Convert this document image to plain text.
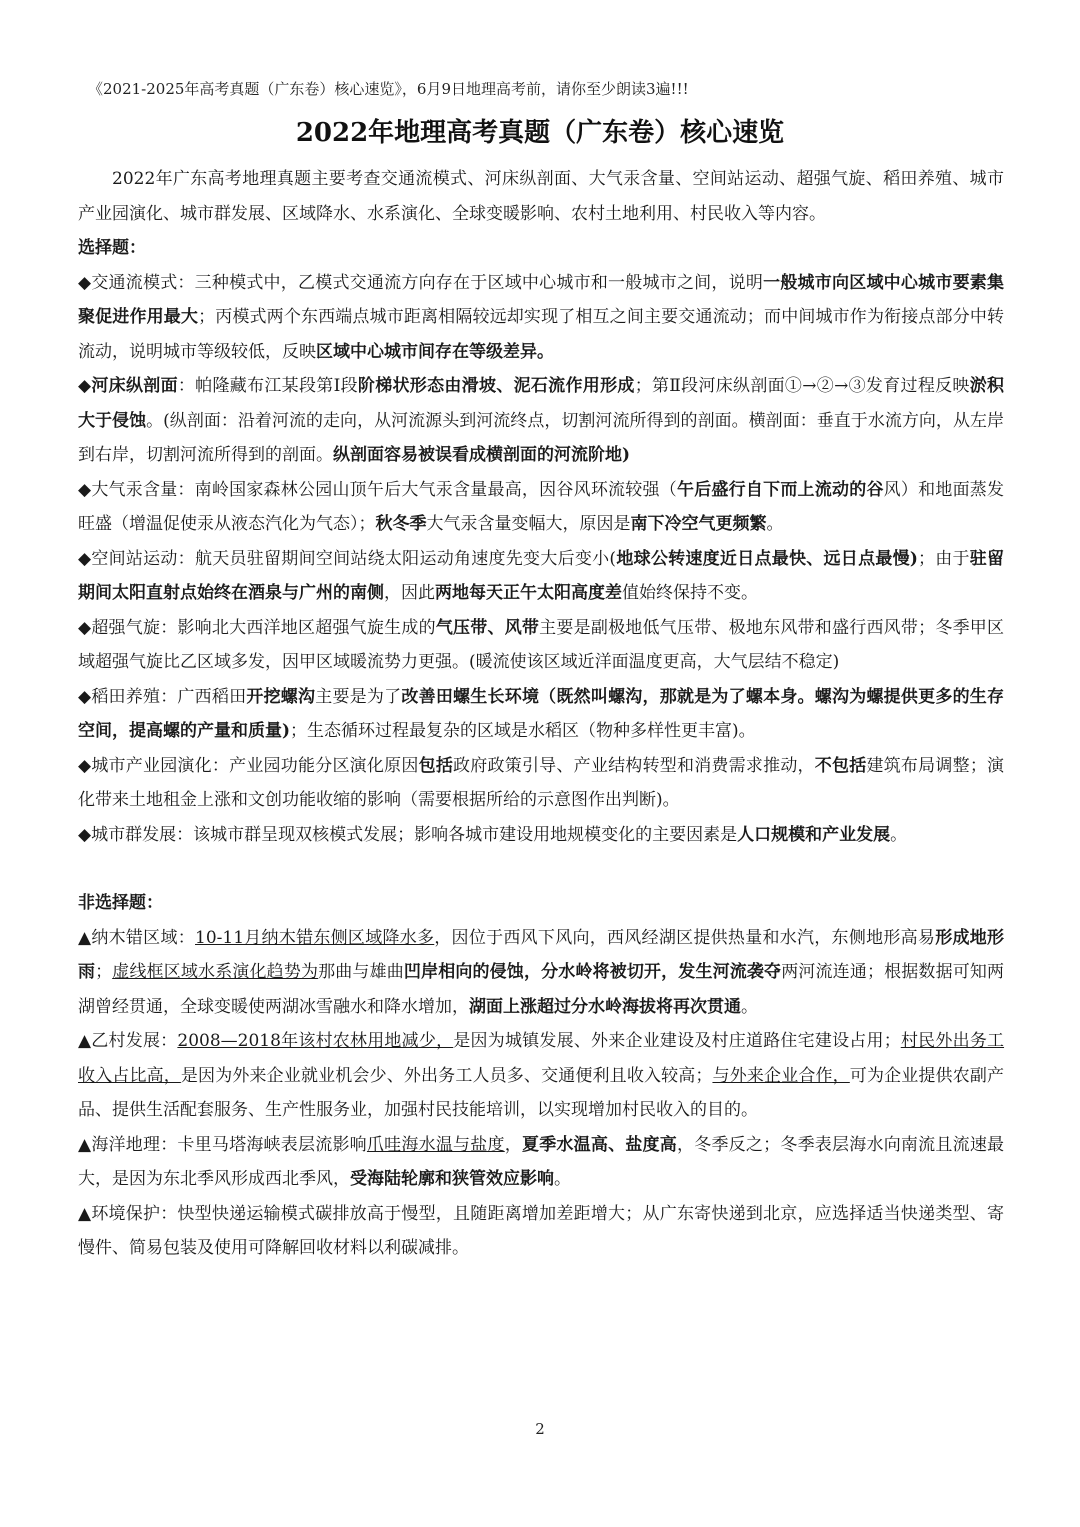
《2021-2025年高考真题（广东卷）核心速览》，6月9日地理高考前，请你至少朗读3遍!!!
2022年地理高考真题（广东卷）核心速览

2022年广东高考地理真题主要考查交通流模式、河床纵剖面、大气汞含量、空间站运动、超强气旋、稻田养殖、城市产业园演化、城市群发展、区域降水、水系演化、全球变暖影响、农村土地利用、村民收入等内容。

选择题：

◆交通流模式：三种模式中，乙模式交通流方向存在于区域中心城市和一般城市之间，说明一般城市向区域中心城市要素集聚促进作用最大；丙模式两个东西端点城市距离相隔较远却实现了相互之间主要交通流动；而中间城市作为衔接点部分中转流动，说明城市等级较低，反映区域中心城市间存在等级差异。

◆河床纵剖面：帕隆藏布江某段第Ⅰ段阶梯状形态由滑坡、泥石流作用形成；第Ⅱ段河床纵剖面①→②→③发育过程反映淤积大于侵蚀。(纵剖面：沿着河流的走向，从河流源头到河流终点，切割河流所得到的剖面。横剖面：垂直于水流方向，从左岸到右岸，切割河流所得到的剖面。纵剖面容易被误看成横剖面的河流阶地)

◆大气汞含量：南岭国家森林公园山顶午后大气汞含量最高，因谷风环流较强（午后盛行自下而上流动的谷风）和地面蒸发旺盛（增温促使汞从液态汽化为气态）；秋冬季大气汞含量变幅大，原因是南下冷空气更频繁。

◆空间站运动：航天员驻留期间空间站绕太阳运动角速度先变大后变小(地球公转速度近日点最快、远日点最慢)；由于驻留期间太阳直射点始终在酒泉与广州的南侧，因此两地每天正午太阳高度差值始终保持不变。

◆超强气旋：影响北大西洋地区超强气旋生成的气压带、风带主要是副极地低气压带、极地东风带和盛行西风带；冬季甲区域超强气旋比乙区域多发，因甲区域暖流势力更强。(暖流使该区域近洋面温度更高，大气层结不稳定)

◆稻田养殖：广西稻田开挖螺沟主要是为了改善田螺生长环境（既然叫螺沟，那就是为了螺本身。螺沟为螺提供更多的生存空间，提高螺的产量和质量)；生态循环过程最复杂的区域是水稻区（物种多样性更丰富)。

◆城市产业园演化：产业园功能分区演化原因包括政府政策引导、产业结构转型和消费需求推动，不包括建筑布局调整；演化带来土地租金上涨和文创功能收缩的影响（需要根据所给的示意图作出判断)。

◆城市群发展：该城市群呈现双核模式发展；影响各城市建设用地规模变化的主要因素是人口规模和产业发展。

非选择题：

▲纳木错区域：10-11月纳木错东侧区域降水多，因位于西风下风向，西风经湖区提供热量和水汽，东侧地形高易形成地形雨；虚线框区域水系演化趋势为那曲与雄曲凹岸相向的侵蚀，分水岭将被切开，发生河流袭夺两河流连通；根据数据可知两湖曾经贯通，全球变暖使两湖冰雪融水和降水增加，湖面上涨超过分水岭海拔将再次贯通。

▲乙村发展：2008—2018年该村农林用地减少，是因为城镇发展、外来企业建设及村庄道路住宅建设占用；村民外出务工收入占比高，是因为外来企业就业机会少、外出务工人员多、交通便利且收入较高；与外来企业合作，可为企业提供农副产品、提供生活配套服务、生产性服务业，加强村民技能培训，以实现增加村民收入的目的。

▲海洋地理：卡里马塔海峡表层流影响爪哇海水温与盐度，夏季水温高、盐度高，冬季反之；冬季表层海水向南流且流速最大，是因为东北季风形成西北季风，受海陆轮廓和狭管效应影响。

▲环境保护：快型快递运输模式碳排放高于慢型，且随距离增加差距增大；从广东寄快递到北京，应选择适当快递类型、寄慢件、简易包装及使用可降解回收材料以利碳减排。

2
